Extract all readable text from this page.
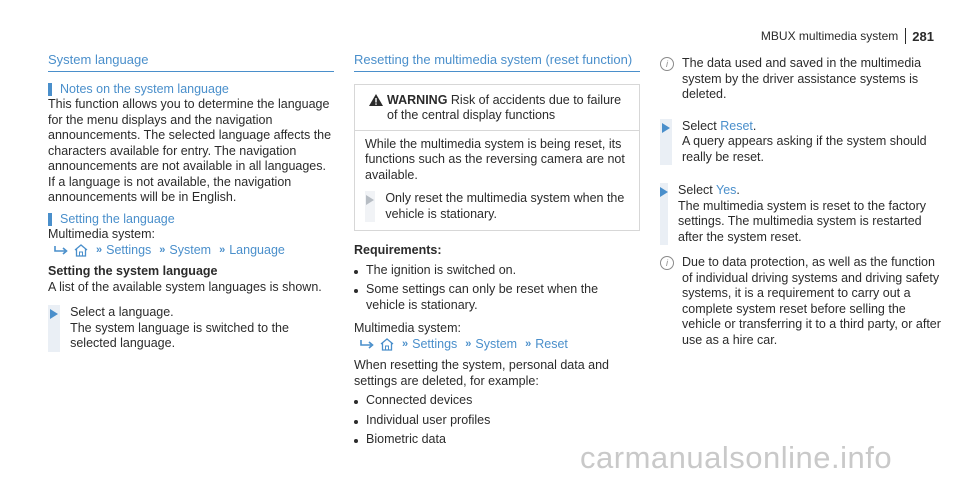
MBUX multimedia system 281
System language
Notes on the system language

This function allows you to determine the language for the menu displays and the navigation announcements. The selected language affects the characters available for entry. The navigation announcements are not available in all languages. If a language is not available, the navigation announcements will be in English.

Setting the language

Multimedia system:

» Settings » System » Language

Setting the system language

A list of the available system languages is shown.

Select a language.

The system language is switched to the selected language.

Resetting the multimedia system (reset function)

WARNING Risk of accidents due to failure of the central display functions

While the multimedia system is being reset, its functions such as the reversing camera are not available.

Only reset the multimedia system when the vehicle is stationary.

Requirements:

The ignition is switched on.
Some settings can only be reset when the vehicle is stationary.

Multimedia system:

» Settings » System » Reset

When resetting the system, personal data and settings are deleted, for example:

Connected devices
Individual user profiles
Biometric data
i	The data used and saved in the multimedia system by the driver assistance systems is deleted.

Select Reset.

A query appears asking if the system should really be reset.

Select Yes.

The multimedia system is reset to the factory settings. The multimedia system is restarted after the system reset.

i	Due to data protection, as well as the function of individual driving systems and driving safety systems, it is a requirement to carry out a complete system reset before selling the vehicle or transferring it to a third party, or after use as a hire car.

carmanualsonline.info
